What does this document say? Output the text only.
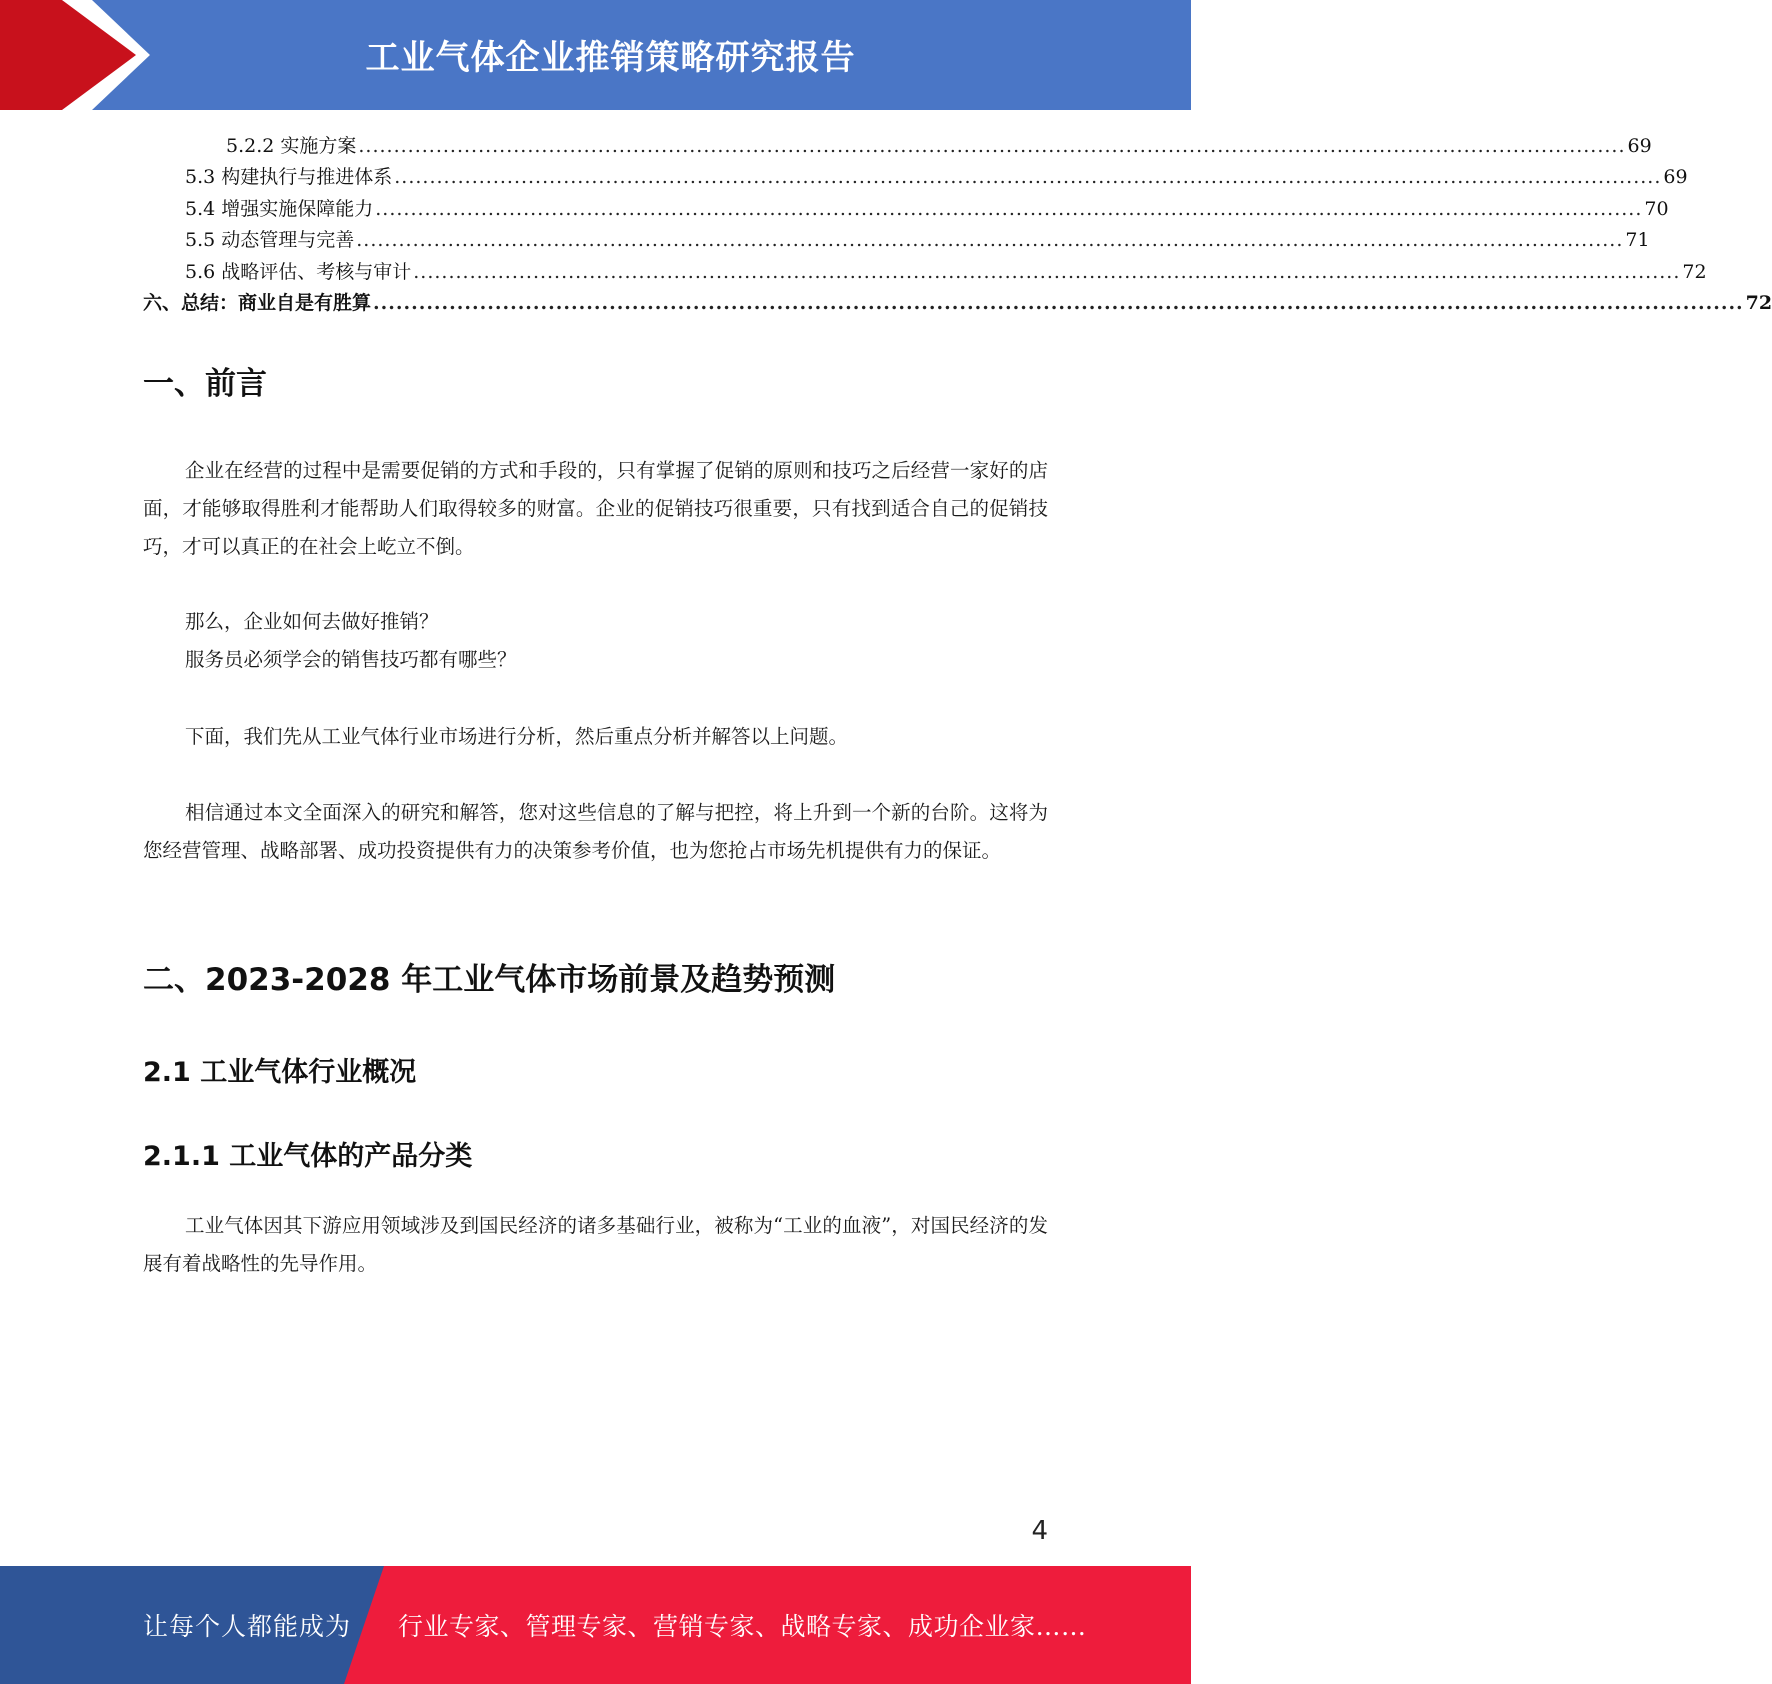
工业气体企业推销策略研究报告
5.2.2 实施方案 .................................................................................................................................................................................... 69
5.3 构建执行与推进体系 .................................................................................................................................................................................... 69
5.4 增强实施保障能力 .................................................................................................................................................................................... 70
5.5 动态管理与完善 .................................................................................................................................................................................... 71
5.6 战略评估、考核与审计 .................................................................................................................................................................................... 72
六、总结：商业自是有胜算 .................................................................................................................................................................................... 72
一、前言

企业在经营的过程中是需要促销的方式和手段的，只有掌握了促销的原则和技巧之后经营一家好的店面，才能够取得胜利才能帮助人们取得较多的财富。企业的促销技巧很重要，只有找到适合自己的促销技巧，才可以真正的在社会上屹立不倒。

那么，企业如何去做好推销？

服务员必须学会的销售技巧都有哪些？

下面，我们先从工业气体行业市场进行分析，然后重点分析并解答以上问题。

相信通过本文全面深入的研究和解答，您对这些信息的了解与把控，将上升到一个新的台阶。这将为您经营管理、战略部署、成功投资提供有力的决策参考价值，也为您抢占市场先机提供有力的保证。

二、2023-2028 年工业气体市场前景及趋势预测
2.1 工业气体行业概况
2.1.1 工业气体的产品分类

工业气体因其下游应用领域涉及到国民经济的诸多基础行业，被称为“工业的血液”，对国民经济的发展有着战略性的先导作用。

4
让每个人都能成为 行业专家、管理专家、营销专家、战略专家、成功企业家……
